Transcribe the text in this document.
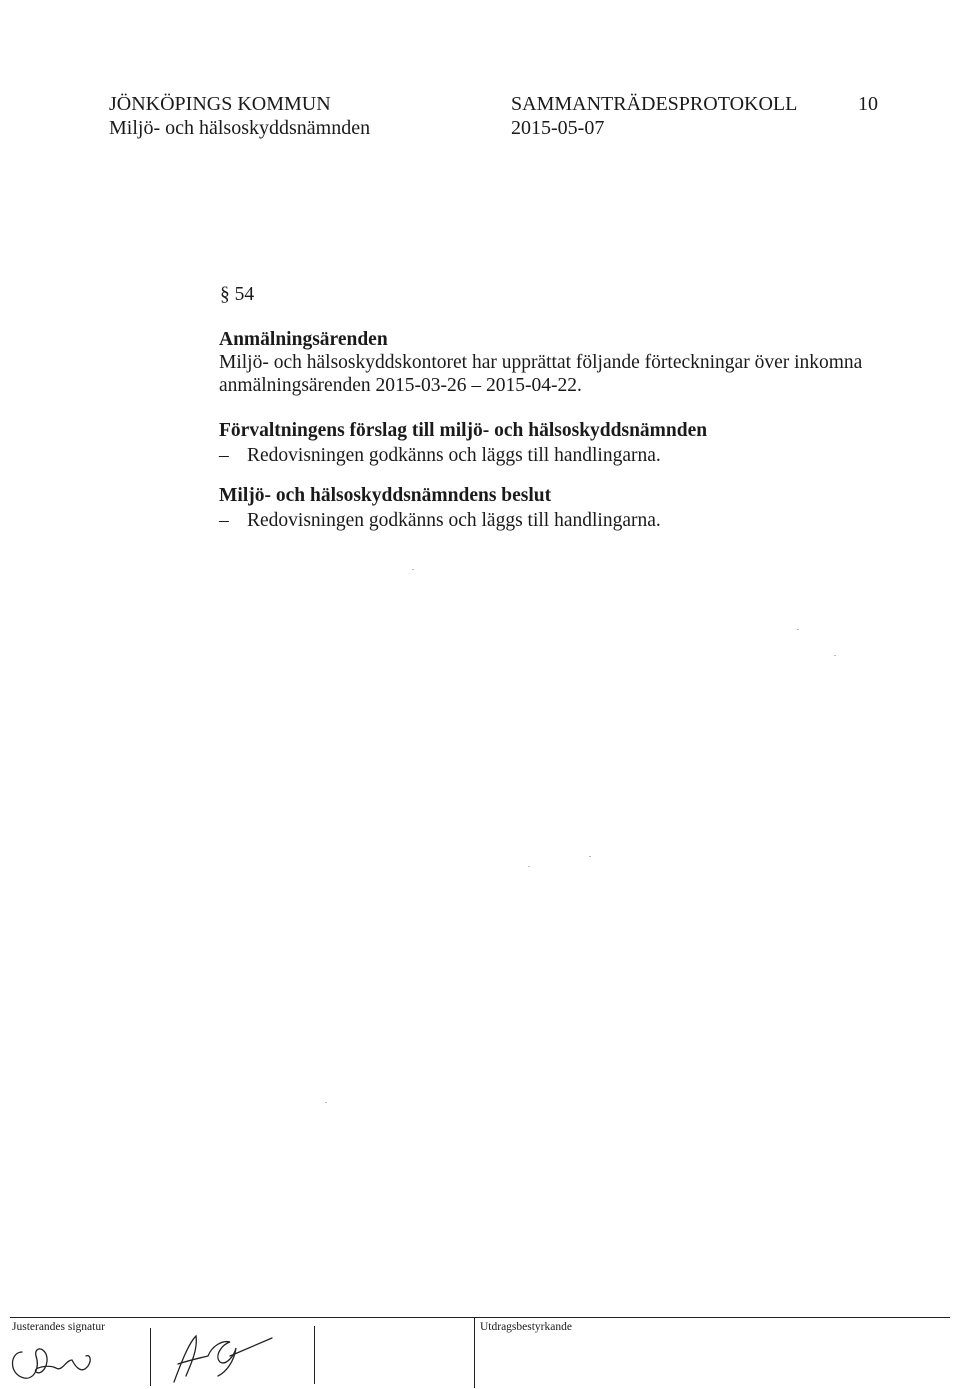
JÖNKÖPINGS KOMMUN
Miljö- och hälsoskyddsnämnden
SAMMANTRÄDESPROTOKOLL
2015-05-07
10
§ 54
Anmälningsärenden
Miljö- och hälsoskyddskontoret har upprättat följande förteckningar över inkomna
anmälningsärenden 2015-03-26 – 2015-04-22.
Förvaltningens förslag till miljö- och hälsoskyddsnämnden
– Redovisningen godkänns och läggs till handlingarna.
Miljö- och hälsoskyddsnämndens beslut
– Redovisningen godkänns och läggs till handlingarna.
Justerandes signatur	Utdragsbestyrkande
